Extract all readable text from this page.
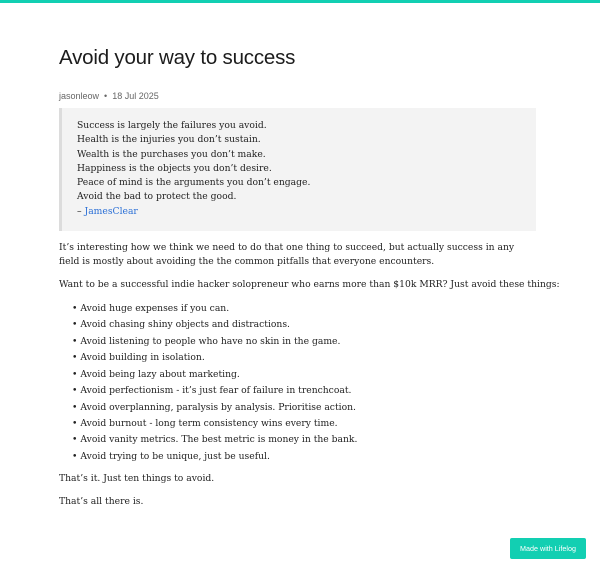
Avoid your way to success
jasonleow • 18 Jul 2025
Success is largely the failures you avoid.
Health is the injuries you don’t sustain.
Wealth is the purchases you don’t make.
Happiness is the objects you don’t desire.
Peace of mind is the arguments you don’t engage.
Avoid the bad to protect the good.
– JamesClear

It’s interesting how we think we need to do that one thing to succeed, but actually success in any field is mostly about avoiding the the common pitfalls that everyone encounters.

Want to be a successful indie hacker solopreneur who earns more than $10k MRR? Just avoid these things:

• Avoid huge expenses if you can.
• Avoid chasing shiny objects and distractions.
• Avoid listening to people who have no skin in the game.
• Avoid building in isolation.
• Avoid being lazy about marketing.
• Avoid perfectionism - it’s just fear of failure in trenchcoat.
• Avoid overplanning, paralysis by analysis. Prioritise action.
• Avoid burnout - long term consistency wins every time.
• Avoid vanity metrics. The best metric is money in the bank.
• Avoid trying to be unique, just be useful.

That’s it. Just ten things to avoid.

That’s all there is.

Made with Lifelog
